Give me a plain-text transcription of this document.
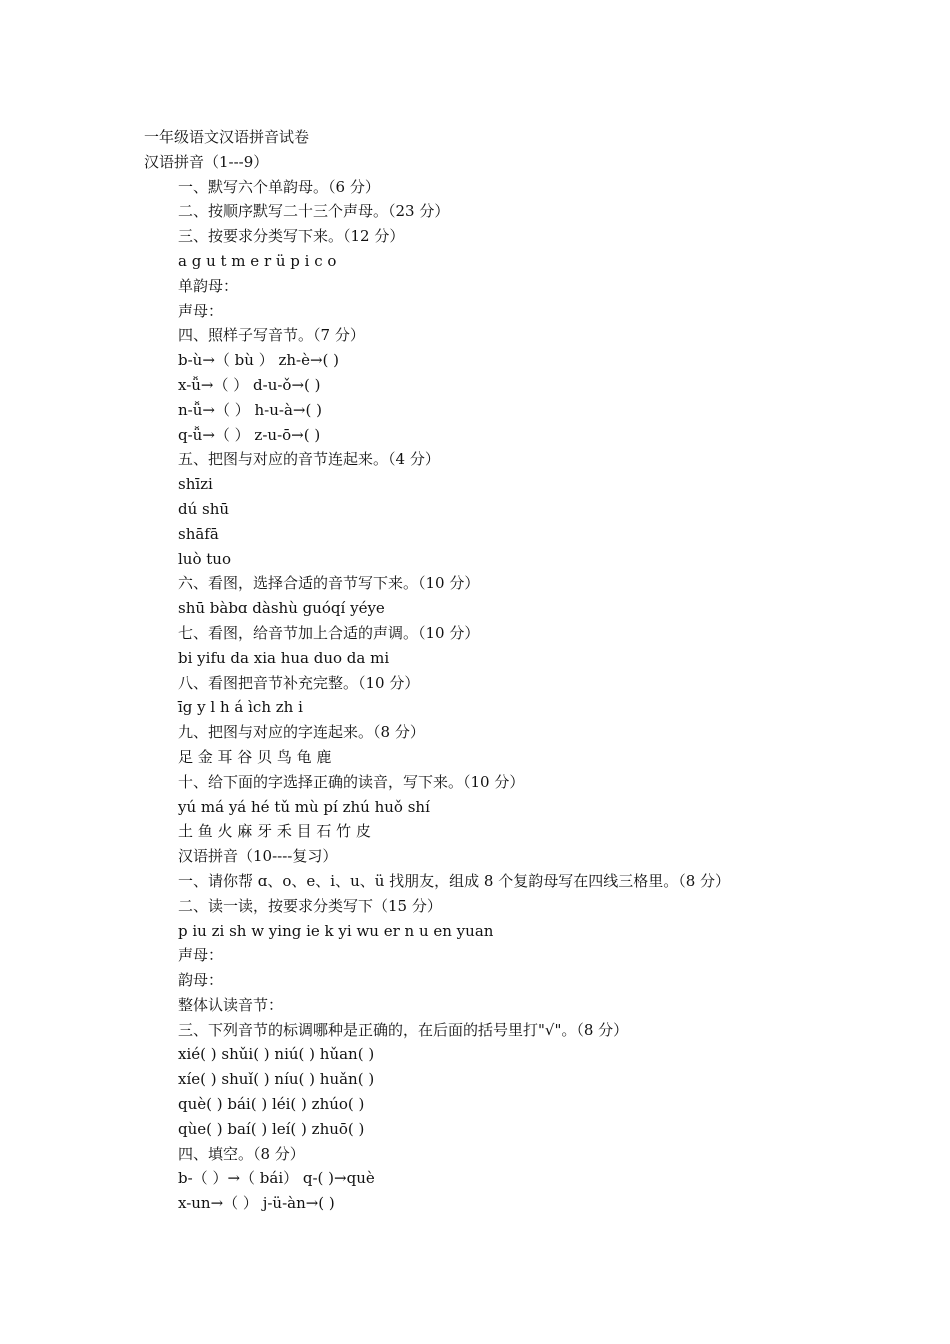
一年级语文汉语拼音试卷
汉语拼音（1---9）
一、默写六个单韵母。（6 分）
二、按顺序默写二十三个声母。（23 分）
三、按要求分类写下来。（12 分）
a g u t m e r ü p i c o
单韵母：
声母：
四、照样子写音节。（7 分）
b-ù→（ bù ） zh-è→( )
x-ǚ→（ ） d-u-ǒ→( )
n-ǚ→（ ） h-u-à→( )
q-ǚ→（ ） z-u-ō→( )
五、把图与对应的音节连起来。（4 分）
shīzi
dú shū
shāfā
luò tuo
六、看图，选择合适的音节写下来。（10 分）
shū bàbɑ dàshù guóqí yéye
七、看图，给音节加上合适的声调。（10 分）
bi yifu da xia hua duo da mi
八、看图把音节补充完整。（10 分）
īg y l h á ìch zh i
九、把图与对应的字连起来。（8 分）
足 金 耳 谷 贝 鸟 龟 鹿
十、给下面的字选择正确的读音，写下来。（10 分）
yú má yá hé tǔ mù pí zhú huǒ shí
土 鱼 火 麻 牙 禾 目 石 竹 皮
汉语拼音（10----复习）
一、请你帮 ɑ、o、e、i、u、ü 找朋友，组成 8 个复韵母写在四线三格里。（8 分）
二、读一读，按要求分类写下（15 分）
p iu zi sh w ying ie k yi wu er n u en yuan
声母：
韵母：
整体认读音节：
三、下列音节的标调哪种是正确的，在后面的括号里打"√"。（8 分）
xié( ) shǔi( ) niú( ) hǔan( )
xíe( ) shuǐ( ) níu( ) huǎn( )
què( ) bái( ) léi( ) zhúo( )
qùe( ) baí( ) leí( ) zhuō( )
四、填空。（8 分）
b-（ ）→（ bái） q-( )→què
x-un→（ ） j-ü-àn→( )
